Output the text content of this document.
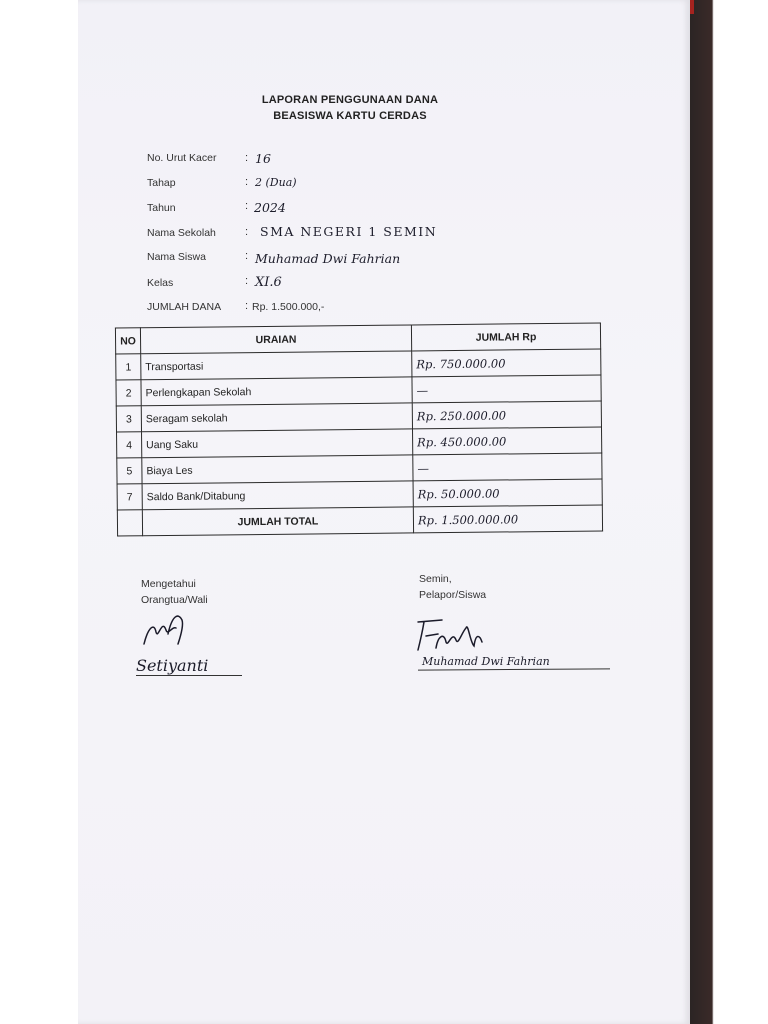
LAPORAN PENGGUNAAN DANA
BEASISWA KARTU CERDAS
No. Urut Kacer	: 16
Tahap	: 2 (Dua)
Tahun	: 2024
Nama Sekolah	: SMA NEGERI 1 SEMIN
Nama Siswa	: Muhamad Dwi Fahrian
Kelas	: XI.6
JUMLAH DANA : Rp. 1.500.000,-
NO	URAIAN	JUMLAH Rp
1	Transportasi	Rp. 750.000.00
2	Perlengkapan Sekolah	—
3	Seragam sekolah	Rp. 250.000.00
4	Uang Saku	Rp. 450.000.00
5	Biaya Les	—
7	Saldo Bank/Ditabung	Rp. 50.000.00
	JUMLAH TOTAL	Rp. 1.500.000.00
Mengetahui
Orangtua/Wali
Setiyanti
Semin,
Pelapor/Siswa
Muhamad Dwi Fahrian
